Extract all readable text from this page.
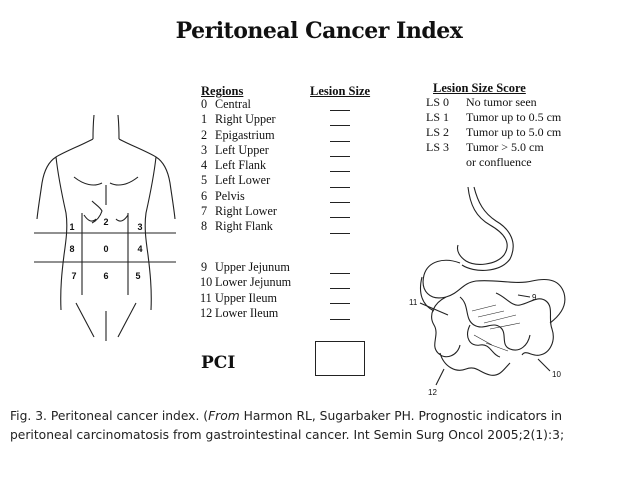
Peritoneal Cancer Index
1	2	3
8	0	4
7	6	5
Regions	Lesion Size	Lesion Size Score
0 Central
1 Right Upper
2 Epigastrium
3 Left Upper
4 Left Flank
5 Left Lower
6 Pelvis
7 Right Lower
8 Right Flank
9 Upper Jejunum
10 Lower Jejunum
11 Upper Ileum
12 Lower Ileum
LS 0 No tumor seen
LS 1 Tumor up to 0.5 cm
LS 2 Tumor up to 5.0 cm
LS 3 Tumor > 5.0 cm
or confluence
PCI
9
10
11
12
Fig. 3. Peritoneal cancer index. (From Harmon RL, Sugarbaker PH. Prognostic indicators in
peritoneal carcinomatosis from gastrointestinal cancer. Int Semin Surg Oncol 2005;2(1):3;
